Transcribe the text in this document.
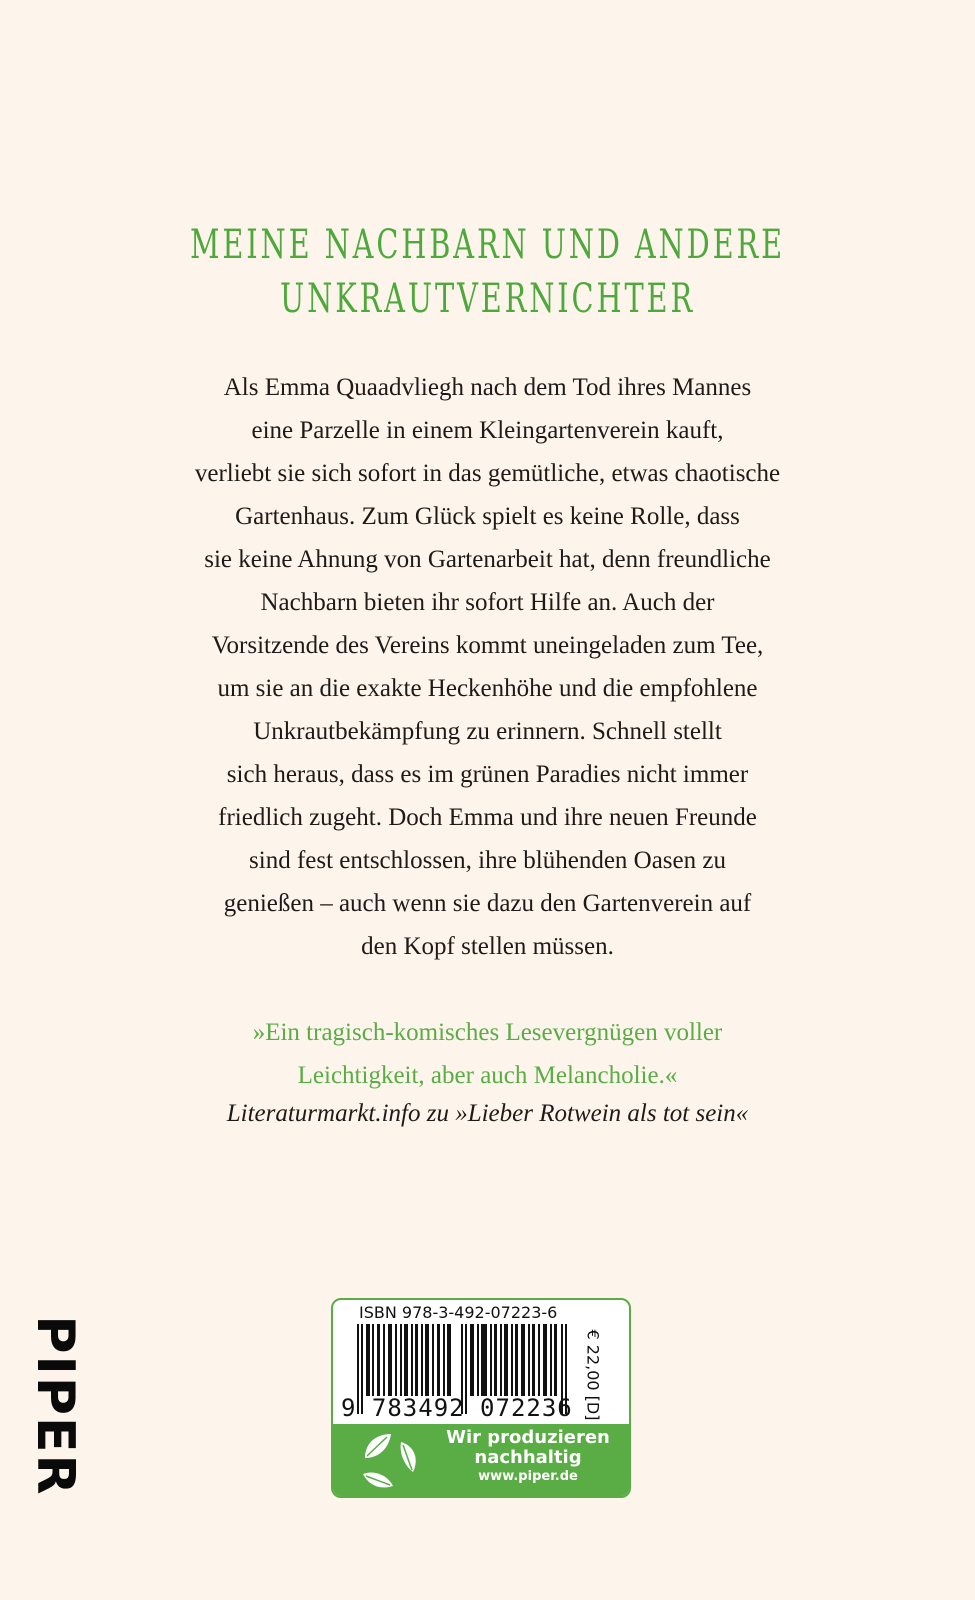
MEINE NACHBARN UND ANDERE
UNKRAUTVERNICHTER
Als Emma Quaadvliegh nach dem Tod ihres Mannes
eine Parzelle in einem Kleingartenverein kauft,
verliebt sie sich sofort in das gemütliche, etwas chaotische
Gartenhaus. Zum Glück spielt es keine Rolle, dass
sie keine Ahnung von Gartenarbeit hat, denn freundliche
Nachbarn bieten ihr sofort Hilfe an. Auch der
Vorsitzende des Vereins kommt uneingeladen zum Tee,
um sie an die exakte Heckenhöhe und die empfohlene
Unkrautbekämpfung zu erinnern. Schnell stellt
sich heraus, dass es im grünen Paradies nicht immer
friedlich zugeht. Doch Emma und ihre neuen Freunde
sind fest entschlossen, ihre blühenden Oasen zu
genießen – auch wenn sie dazu den Gartenverein auf
den Kopf stellen müssen.
»Ein tragisch-komisches Lesevergnügen voller
Leichtigkeit, aber auch Melancholie.«
Literaturmarkt.info zu »Lieber Rotwein als tot sein«
PIPER
ISBN 978-3-492-07223-6
9 783492 072236 € 22,00 [D]
Wir produzieren
nachhaltig
www.piper.de
